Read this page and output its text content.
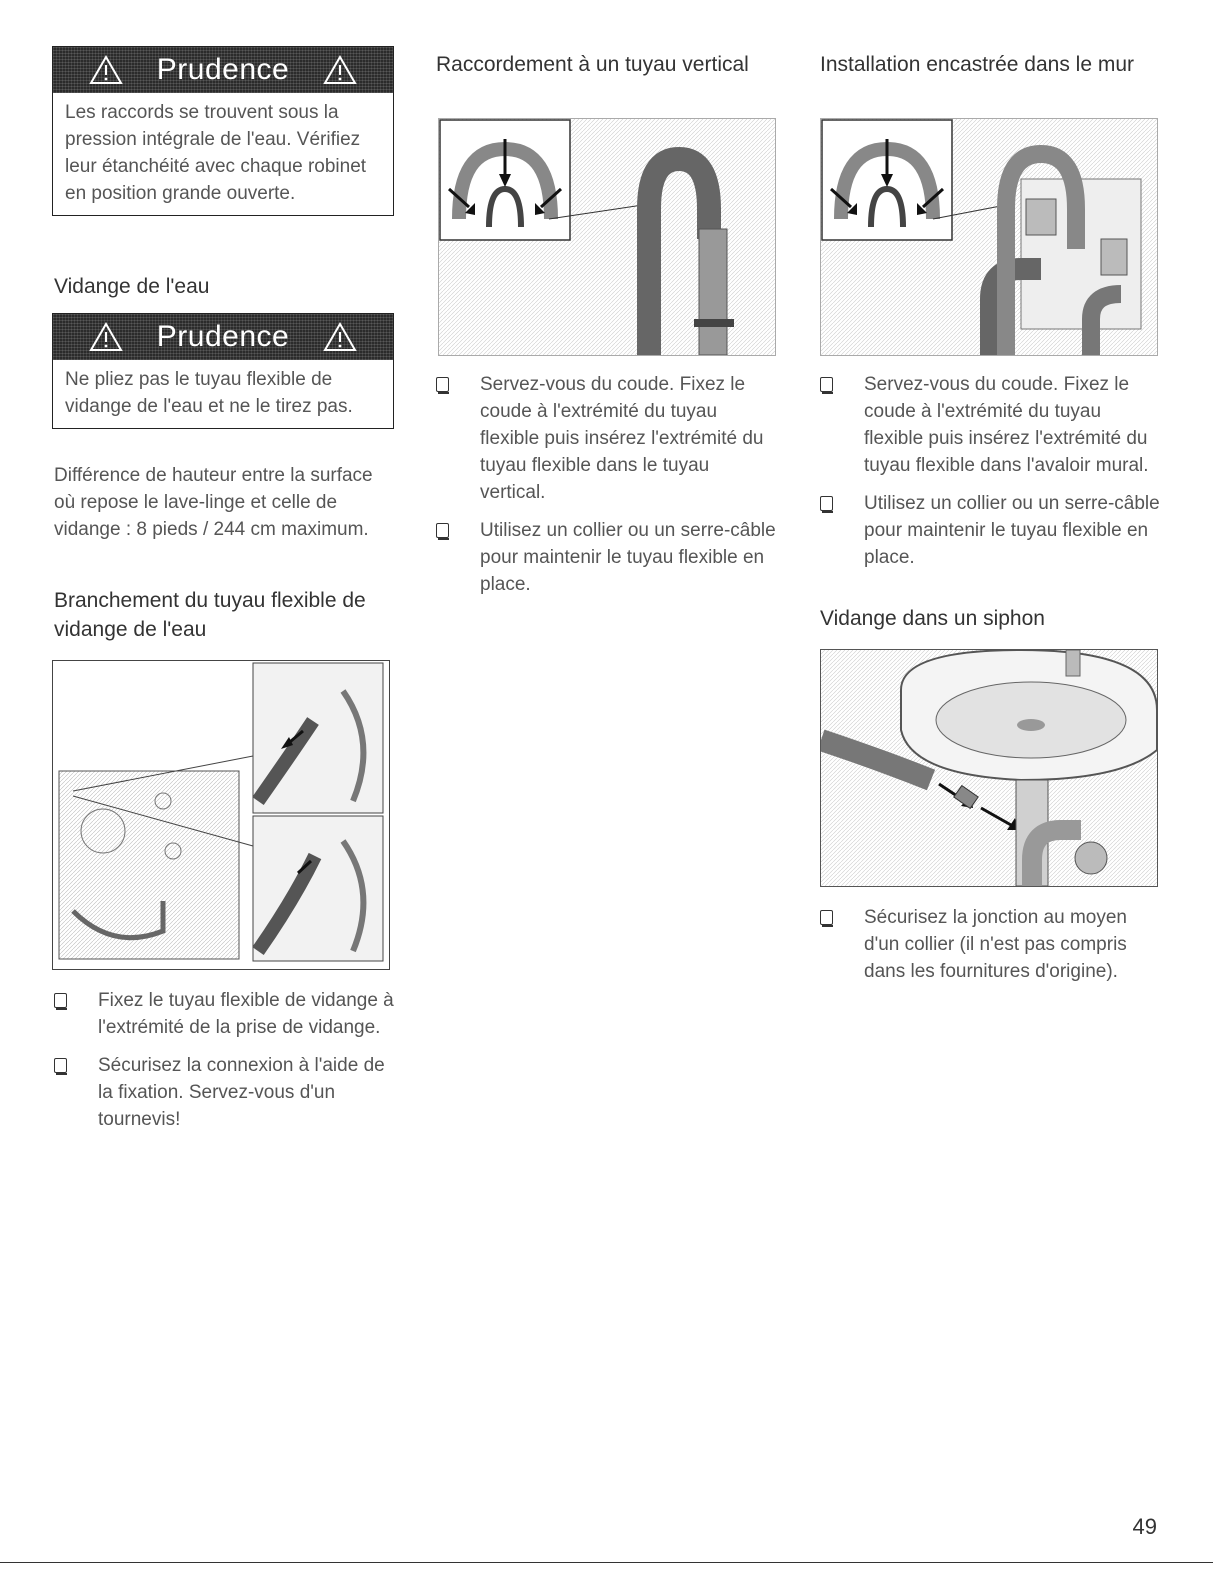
Prudence
Les raccords se trouvent sous la pression intégrale de l'eau. Vérifiez leur étanchéité avec chaque robinet en position grande ouverte.
Vidange de l'eau
Prudence
Ne pliez pas le tuyau flexible de vidange de l'eau et ne le tirez pas.

Différence de hauteur entre la surface où repose le lave-linge et celle de vidange : 8 pieds / 244 cm maximum.

Branchement du tuyau flexible de vidange de l'eau
Fixez le tuyau flexible de vidange à l'extrémité de la prise de vidange.
Sécurisez la connexion à l'aide de la fixation. Servez-vous d'un tournevis!
Raccordement à un tuyau vertical
Servez-vous du coude. Fixez le coude à l'extrémité du tuyau flexible puis insérez l'extrémité du tuyau flexible dans le tuyau vertical.
Utilisez un collier ou un serre-câble pour maintenir le tuyau flexible en place.
Installation encastrée dans le mur
Servez-vous du coude. Fixez le coude à l'extrémité du tuyau flexible puis insérez l'extrémité du tuyau flexible dans l'avaloir mural.
Utilisez un collier ou un serre-câble pour maintenir le tuyau flexible en place.
Vidange dans un siphon
Sécurisez la jonction au moyen d'un collier (il n'est pas compris dans les fournitures d'origine).
49
